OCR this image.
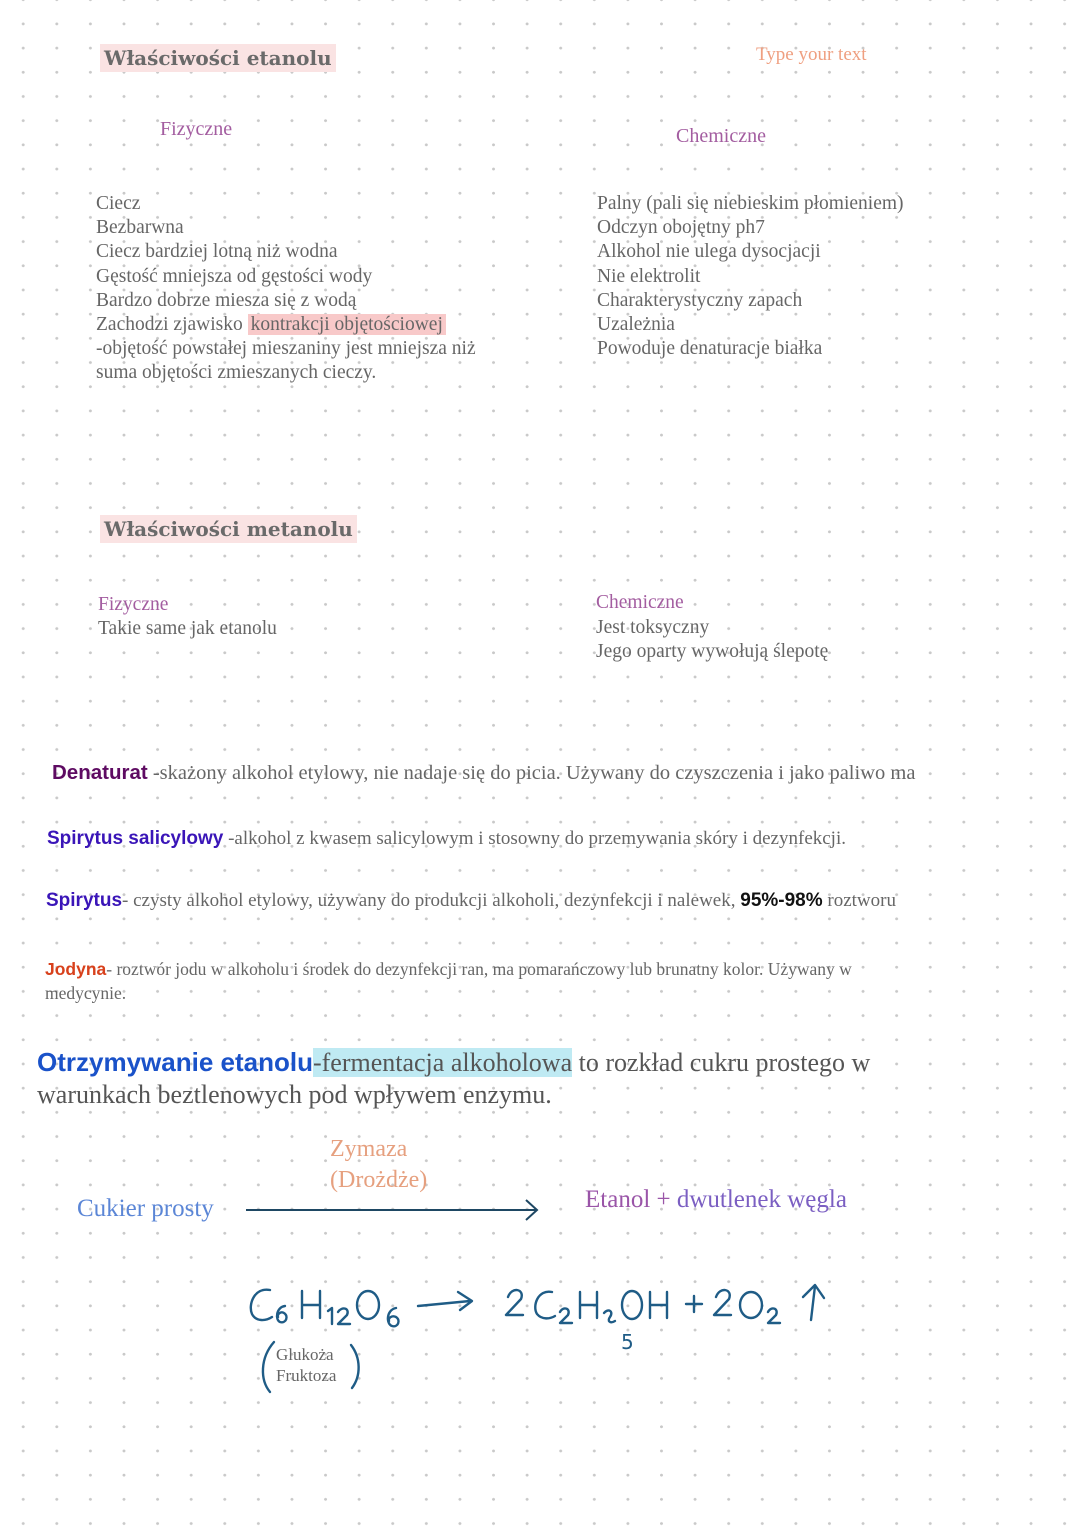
Właściwości etanolu	Type your text
Fizyczne	Chemiczne
Ciecz
Bezbarwna
Ciecz bardziej lotną niż wodna
Gęstość mniejsza od gęstości wody
Bardzo dobrze miesza się z wodą
Zachodzi zjawisko kontrakcji objętościowej
-objętość powstałej mieszaniny jest mniejsza niż
suma objętości zmieszanych cieczy.
Palny (pali się niebieskim płomieniem)
Odczyn obojętny ph7
Alkohol nie ulega dysocjacji
Nie elektrolit
Charakterystyczny zapach
Uzależnia
Powoduje denaturacje białka
Właściwości metanolu
Fizyczne
Takie same jak etanolu
Chemiczne
Jest toksyczny
Jego oparty wywołują ślepotę
Denaturat -skażony alkohol etylowy, nie nadaje się do picia. Używany do czyszczenia i jako paliwo ma
Spirytus salicylowy -alkohol z kwasem salicylowym i stosowny do przemywania skóry i dezynfekcji.
Spirytus- czysty alkohol etylowy, używany do produkcji alkoholi, dezynfekcji i nalewek, 95%-98% roztworu
Jodyna- roztwór jodu w alkoholu i środek do dezynfekcji ran, ma pomarańczowy lub brunatny kolor. Używany w
medycynie.
Otrzymywanie etanolu-fermentacja alkoholowa to rozkład cukru prostego w
warunkach beztlenowych pod wpływem enzymu.
Zymaza
(Drożdże)
Cukier prosty	Etanol + dwutlenek węgla
5
Glukoża
Fruktoza
